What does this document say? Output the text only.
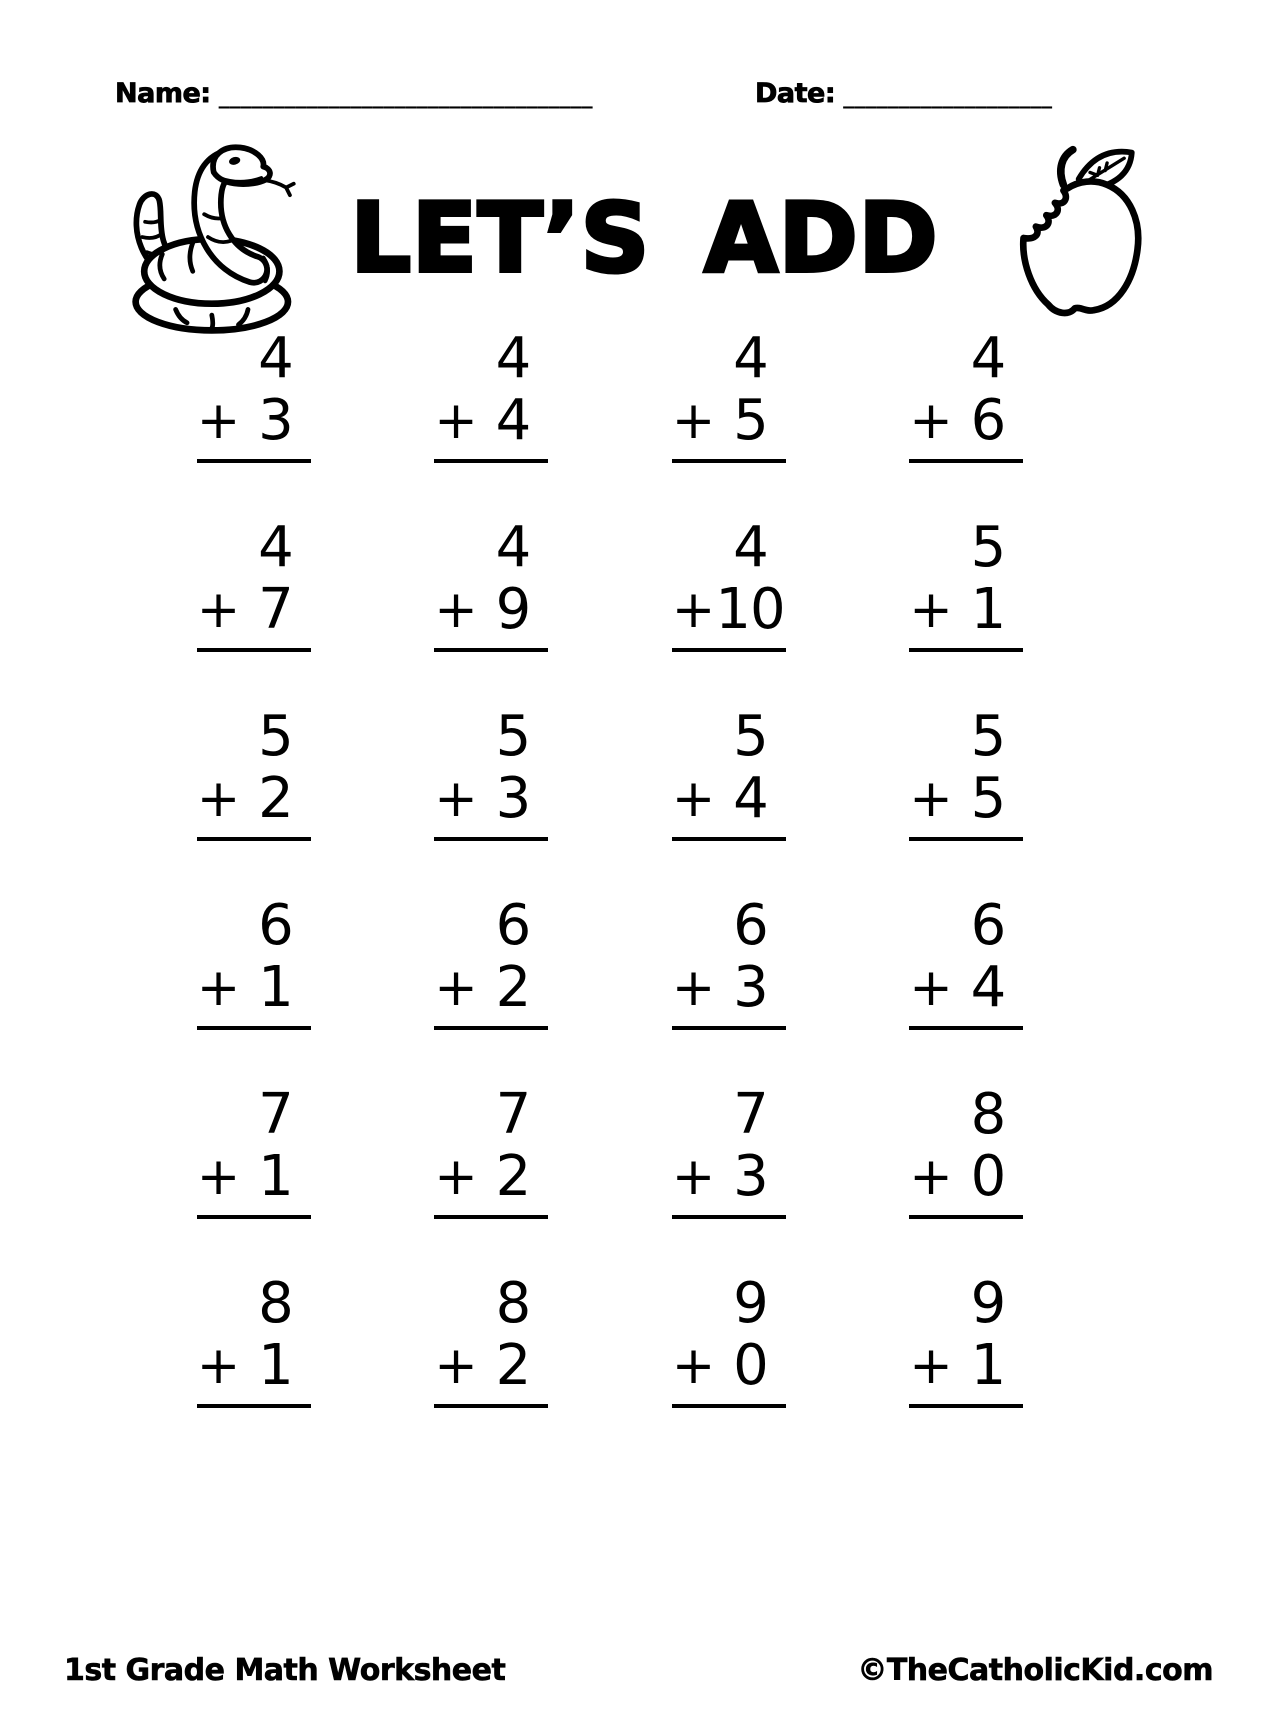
Name: __________________________________	Date: ___________________
LET’S ADD
4
+ 3
4
+ 4
4
+ 5
4
+ 6
4
+ 7
4
+ 9
4
+ 10
5
+ 1
5
+ 2
5
+ 3
5
+ 4
5
+ 5
6
+ 1
6
+ 2
6
+ 3
6
+ 4
7
+ 1
7
+ 2
7
+ 3
8
+ 0
8
+ 1
8
+ 2
9
+ 0
9
+ 1
1st Grade Math Worksheet	©TheCatholicKid.com
